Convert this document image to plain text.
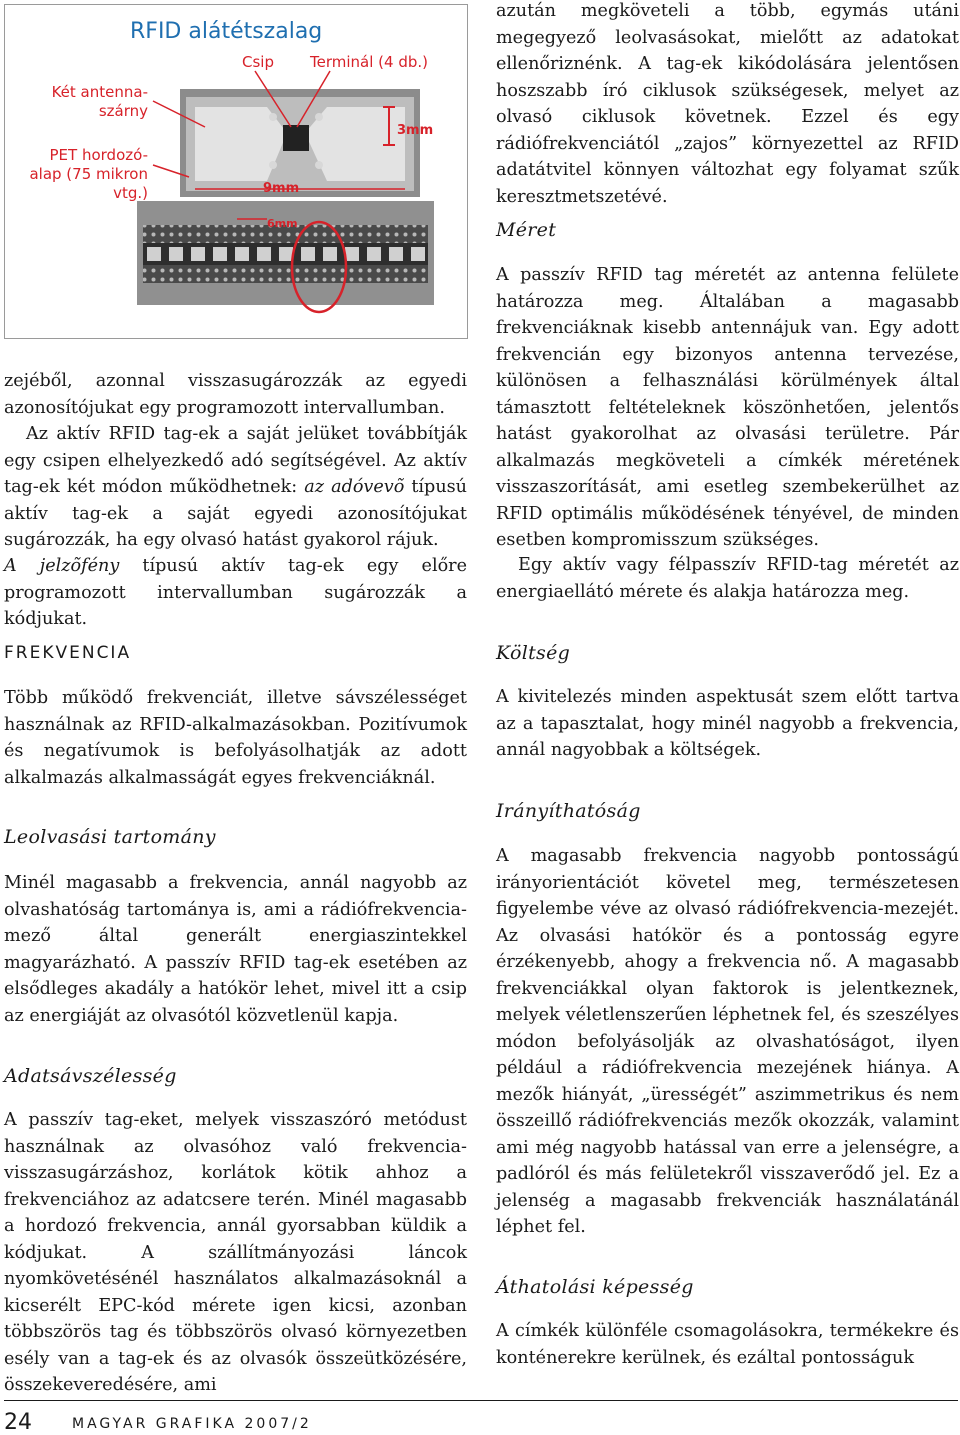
RFID alátétszalag
Csip Terminál (4 db.)
Két antenna-
szárny
PET hordozó-
alap (75 mikron
vtg.)
3mm
9mm
6mm

zejéből, azonnal visszasugározzák az egyedi azonosítójukat egy programozott intervallumban.

Az aktív RFID tag-ek a saját jelüket továbbítják egy csipen elhelyezkedő adó segítségével. Az aktív tag-ek két módon működhetnek: az adóvevõ típusú aktív tag-ek a saját egyedi azonosítójukat sugározzák, ha egy olvasó hatást gyakorol rájuk.

A jelzõfény típusú aktív tag-ek egy előre programozott intervallumban sugározzák a kódjukat.

FREKVENCIA

Több működő frekvenciát, illetve sávszélességet használnak az RFID-alkalmazásokban. Pozitívumok és negatívumok is befolyásolhatják az adott alkalmazás alkalmasságát egyes frekvenciáknál.

Leolvasási tartomány

Minél magasabb a frekvencia, annál nagyobb az olvashatóság tartománya is, ami a rádiófrekvencia-mező által generált energiaszintekkel magyarázható. A passzív RFID tag-ek esetében az elsődleges akadály a hatókör lehet, mivel itt a csip az energiáját az olvasótól közvetlenül kapja.

Adatsávszélesség

A passzív tag-eket, melyek visszaszóró metódust használnak az olvasóhoz való frekvencia-visszasugárzáshoz, korlátok kötik ahhoz a frekvenciához az adatcsere terén. Minél magasabb a hordozó frekvencia, annál gyorsabban küldik a kódjukat. A szállítmányozási láncok nyomkövetésénél használatos alkalmazásoknál a kicserélt EPC-kód mérete igen kicsi, azonban többszörös tag és többszörös olvasó környezetben esély van a tag-ek és az olvasók összeütközésére, összekeveredésére, ami

azután megköveteli a több, egymás utáni megegyező leolvasásokat, mielőtt az adatokat ellenőriznénk. A tag-ek kikódolására jelentősen hoszszabb író ciklusok szükségesek, melyet az olvasó ciklusok követnek. Ezzel és egy rádiófrekvenciától „zajos” környezettel az RFID adatátvitel könnyen változhat egy folyamat szűk keresztmetszetévé.

Méret

A passzív RFID tag méretét az antenna felülete határozza meg. Általában a magasabb frekvenciáknak kisebb antennájuk van. Egy adott frekvencián egy bizonyos antenna tervezése, különösen a felhasználási körülmények által támasztott feltételeknek köszönhetően, jelentős hatást gyakorolhat az olvasási területre. Pár alkalmazás megköveteli a címkék méretének visszaszorítását, ami esetleg szembekerülhet az RFID optimális működésének tényével, de minden esetben kompromisszum szükséges.

Egy aktív vagy félpasszív RFID-tag méretét az energiaellátó mérete és alakja határozza meg.

Költség

A kivitelezés minden aspektusát szem előtt tartva az a tapasztalat, hogy minél nagyobb a frekvencia, annál nagyobbak a költségek.

Irányíthatóság

A magasabb frekvencia nagyobb pontosságú irányorientációt követel meg, természetesen figyelembe véve az olvasó rádiófrekvencia-mezejét. Az olvasási hatókör és a pontosság egyre érzékenyebb, ahogy a frekvencia nő. A magasabb frekvenciákkal olyan faktorok is jelentkeznek, melyek véletlenszerűen léphetnek fel, és szeszélyes módon befolyásolják az olvashatóságot, ilyen például a rádiófrekvencia mezejének hiánya. A mezők hiányát, „ürességét” aszimmetrikus és nem összeillő rádiófrekvenciás mezők okozzák, valamint ami még nagyobb hatással van erre a jelenségre, a padlóról és más felületekről visszaverődő jel. Ez a jelenség a magasabb frekvenciák használatánál léphet fel.

Áthatolási képesség

A címkék különféle csomagolásokra, termékekre és konténerekre kerülnek, és ezáltal pontosságuk

24	MAGYAR GRAFIKA 2007/2
